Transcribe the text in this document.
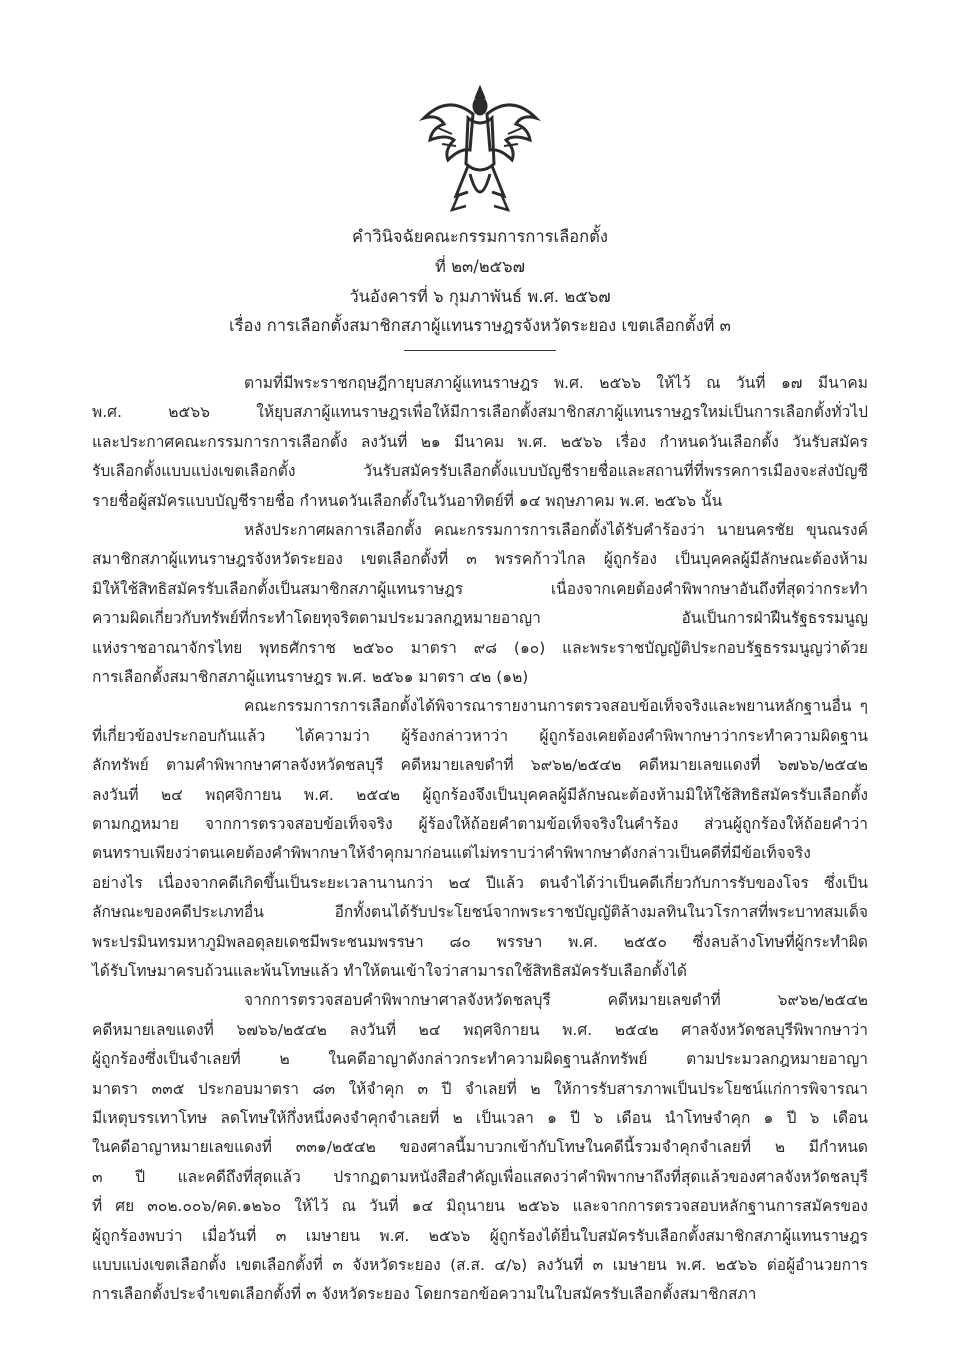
คำวินิจฉัยคณะกรรมการการเลือกตั้ง
ที่ ๒๓/๒๕๖๗
วันอังคารที่ ๖ กุมภาพันธ์ พ.ศ. ๒๕๖๗
เรื่อง การเลือกตั้งสมาชิกสภาผู้แทนราษฎรจังหวัดระยอง เขตเลือกตั้งที่ ๓
ตามที่มีพระราชกฤษฎีกายุบสภาผู้แทนราษฎร พ.ศ. ๒๕๖๖ ให้ไว้ ณ วันที่ ๑๗ มีนาคม
พ.ศ. ๒๕๖๖ ให้ยุบสภาผู้แทนราษฎรเพื่อให้มีการเลือกตั้งสมาชิกสภาผู้แทนราษฎรใหม่เป็นการเลือกตั้งทั่วไป
และประกาศคณะกรรมการการเลือกตั้ง ลงวันที่ ๒๑ มีนาคม พ.ศ. ๒๕๖๖ เรื่อง กำหนดวันเลือกตั้ง วันรับสมัคร
รับเลือกตั้งแบบแบ่งเขตเลือกตั้ง วันรับสมัครรับเลือกตั้งแบบบัญชีรายชื่อและสถานที่ที่พรรคการเมืองจะส่งบัญชี
รายชื่อผู้สมัครแบบบัญชีรายชื่อ กำหนดวันเลือกตั้งในวันอาทิตย์ที่ ๑๔ พฤษภาคม พ.ศ. ๒๕๖๖ นั้น
หลังประกาศผลการเลือกตั้ง คณะกรรมการการเลือกตั้งได้รับคำร้องว่า นายนครชัย ขุนณรงค์
สมาชิกสภาผู้แทนราษฎรจังหวัดระยอง เขตเลือกตั้งที่ ๓ พรรคก้าวไกล ผู้ถูกร้อง เป็นบุคคลผู้มีลักษณะต้องห้าม
มิให้ใช้สิทธิสมัครรับเลือกตั้งเป็นสมาชิกสภาผู้แทนราษฎร เนื่องจากเคยต้องคำพิพากษาอันถึงที่สุดว่ากระทำ
ความผิดเกี่ยวกับทรัพย์ที่กระทำโดยทุจริตตามประมวลกฎหมายอาญา อันเป็นการฝ่าฝืนรัฐธรรมนูญ
แห่งราชอาณาจักรไทย พุทธศักราช ๒๕๖๐ มาตรา ๙๘ (๑๐) และพระราชบัญญัติประกอบรัฐธรรมนูญว่าด้วย
การเลือกตั้งสมาชิกสภาผู้แทนราษฎร พ.ศ. ๒๕๖๑ มาตรา ๔๒ (๑๒)
คณะกรรมการการเลือกตั้งได้พิจารณารายงานการตรวจสอบข้อเท็จจริงและพยานหลักฐานอื่น ๆ
ที่เกี่ยวข้องประกอบกันแล้ว ได้ความว่า ผู้ร้องกล่าวหาว่า ผู้ถูกร้องเคยต้องคำพิพากษาว่ากระทำความผิดฐาน
ลักทรัพย์ ตามคำพิพากษาศาลจังหวัดชลบุรี คดีหมายเลขดำที่ ๖๙๖๒/๒๕๔๒ คดีหมายเลขแดงที่ ๖๗๖๖/๒๕๔๒
ลงวันที่ ๒๔ พฤศจิกายน พ.ศ. ๒๕๔๒ ผู้ถูกร้องจึงเป็นบุคคลผู้มีลักษณะต้องห้ามมิให้ใช้สิทธิสมัครรับเลือกตั้ง
ตามกฎหมาย จากการตรวจสอบข้อเท็จจริง ผู้ร้องให้ถ้อยคำตามข้อเท็จจริงในคำร้อง ส่วนผู้ถูกร้องให้ถ้อยคำว่า
ตนทราบเพียงว่าตนเคยต้องคำพิพากษาให้จำคุกมาก่อนแต่ไม่ทราบว่าคำพิพากษาดังกล่าวเป็นคดีที่มีข้อเท็จจริง
อย่างไร เนื่องจากคดีเกิดขึ้นเป็นระยะเวลานานกว่า ๒๔ ปีแล้ว ตนจำได้ว่าเป็นคดีเกี่ยวกับการรับของโจร ซึ่งเป็น
ลักษณะของคดีประเภทอื่น อีกทั้งตนได้รับประโยชน์จากพระราชบัญญัติล้างมลทินในวโรกาสที่พระบาทสมเด็จ
พระปรมินทรมหาภูมิพลอดุลยเดชมีพระชนมพรรษา ๘๐ พรรษา พ.ศ. ๒๕๕๐ ซึ่งลบล้างโทษที่ผู้กระทำผิด
ได้รับโทษมาครบถ้วนและพ้นโทษแล้ว ทำให้ตนเข้าใจว่าสามารถใช้สิทธิสมัครรับเลือกตั้งได้
จากการตรวจสอบคำพิพากษาศาลจังหวัดชลบุรี คดีหมายเลขดำที่ ๖๙๖๒/๒๕๔๒
คดีหมายเลขแดงที่ ๖๗๖๖/๒๕๔๒ ลงวันที่ ๒๔ พฤศจิกายน พ.ศ. ๒๕๔๒ ศาลจังหวัดชลบุรีพิพากษาว่า
ผู้ถูกร้องซึ่งเป็นจำเลยที่ ๒ ในคดีอาญาดังกล่าวกระทำความผิดฐานลักทรัพย์ ตามประมวลกฎหมายอาญา
มาตรา ๓๓๕ ประกอบมาตรา ๘๓ ให้จำคุก ๓ ปี จำเลยที่ ๒ ให้การรับสารภาพเป็นประโยชน์แก่การพิจารณา
มีเหตุบรรเทาโทษ ลดโทษให้กึ่งหนึ่งคงจำคุกจำเลยที่ ๒ เป็นเวลา ๑ ปี ๖ เดือน นำโทษจำคุก ๑ ปี ๖ เดือน
ในคดีอาญาหมายเลขแดงที่ ๓๓๑/๒๕๔๒ ของศาลนี้มาบวกเข้ากับโทษในคดีนี้รวมจำคุกจำเลยที่ ๒ มีกำหนด
๓ ปี และคดีถึงที่สุดแล้ว ปรากฏตามหนังสือสำคัญเพื่อแสดงว่าคำพิพากษาถึงที่สุดแล้วของศาลจังหวัดชลบุรี
ที่ ศย ๓๐๒.๐๐๖/คด.๑๒๖๐ ให้ไว้ ณ วันที่ ๑๔ มิถุนายน ๒๕๖๖ และจากการตรวจสอบหลักฐานการสมัครของ
ผู้ถูกร้องพบว่า เมื่อวันที่ ๓ เมษายน พ.ศ. ๒๕๖๖ ผู้ถูกร้องได้ยื่นใบสมัครรับเลือกตั้งสมาชิกสภาผู้แทนราษฎร
แบบแบ่งเขตเลือกตั้ง เขตเลือกตั้งที่ ๓ จังหวัดระยอง (ส.ส. ๔/๖) ลงวันที่ ๓ เมษายน พ.ศ. ๒๕๖๖ ต่อผู้อำนวยการ
การเลือกตั้งประจำเขตเลือกตั้งที่ ๓ จังหวัดระยอง โดยกรอกข้อความในใบสมัครรับเลือกตั้งสมาชิกสภา
